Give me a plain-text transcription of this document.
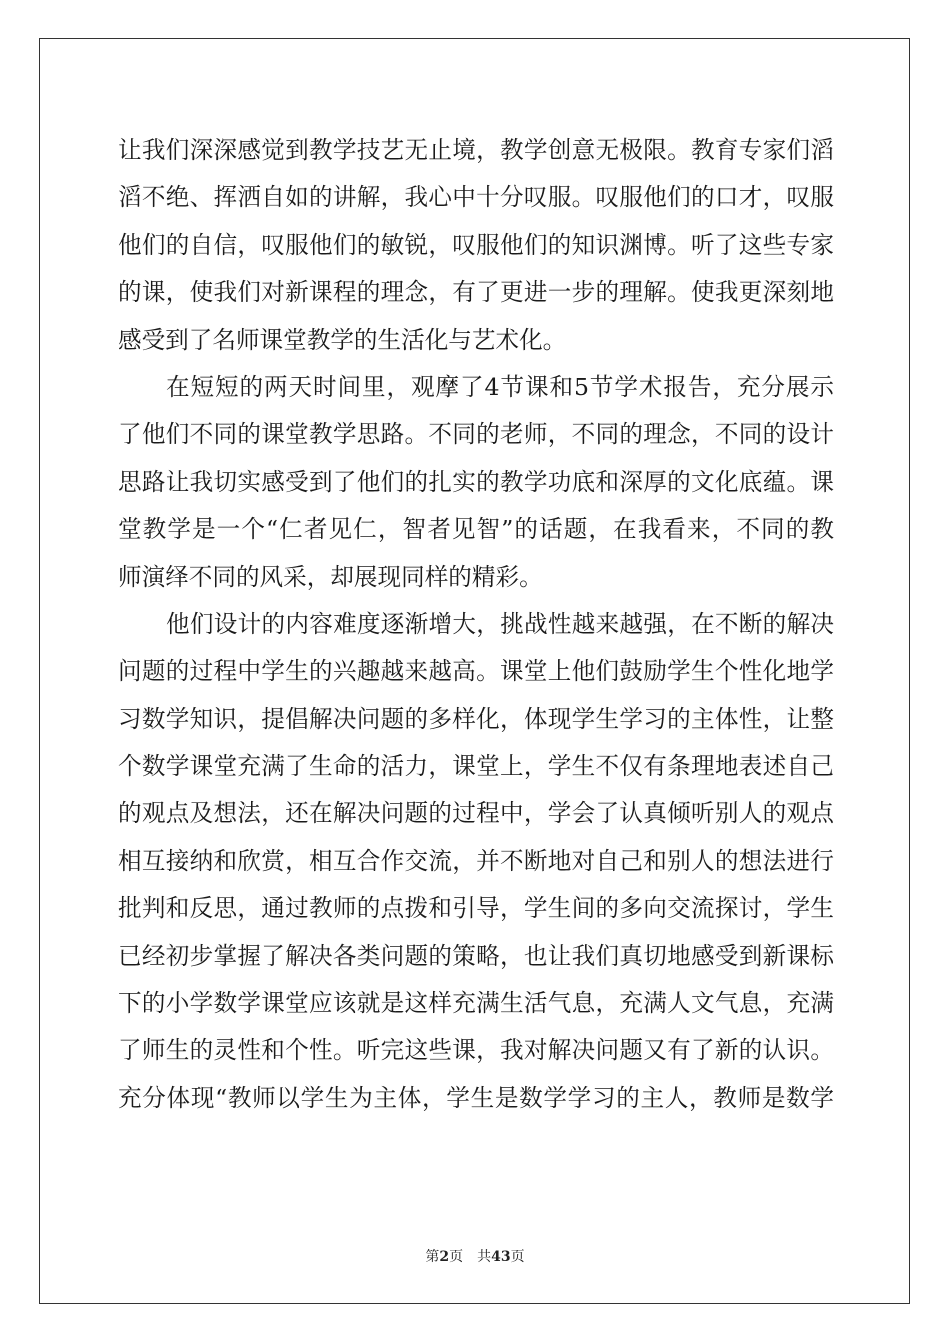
让我们深深感觉到教学技艺无止境，教学创意无极限。教育专家们滔
滔不绝、挥洒自如的讲解，我心中十分叹服。叹服他们的口才，叹服
他们的自信，叹服他们的敏锐，叹服他们的知识渊博。听了这些专家
的课，使我们对新课程的理念，有了更进一步的理解。使我更深刻地
感受到了名师课堂教学的生活化与艺术化。
在短短的两天时间里，观摩了4节课和5节学术报告，充分展示
了他们不同的课堂教学思路。不同的老师，不同的理念，不同的设计
思路让我切实感受到了他们的扎实的教学功底和深厚的文化底蕴。课
堂教学是一个“仁者见仁，智者见智”的话题，在我看来，不同的教
师演绎不同的风采，却展现同样的精彩。
他们设计的内容难度逐渐增大，挑战性越来越强，在不断的解决
问题的过程中学生的兴趣越来越高。课堂上他们鼓励学生个性化地学
习数学知识，提倡解决问题的多样化，体现学生学习的主体性，让整
个数学课堂充满了生命的活力，课堂上，学生不仅有条理地表述自己
的观点及想法，还在解决问题的过程中，学会了认真倾听别人的观点
相互接纳和欣赏，相互合作交流，并不断地对自己和别人的想法进行
批判和反思，通过教师的点拨和引导，学生间的多向交流探讨，学生
已经初步掌握了解决各类问题的策略，也让我们真切地感受到新课标
下的小学数学课堂应该就是这样充满生活气息，充满人文气息，充满
了师生的灵性和个性。听完这些课，我对解决问题又有了新的认识。
充分体现“教师以学生为主体，学生是数学学习的主人，教师是数学
第2页 共43页
